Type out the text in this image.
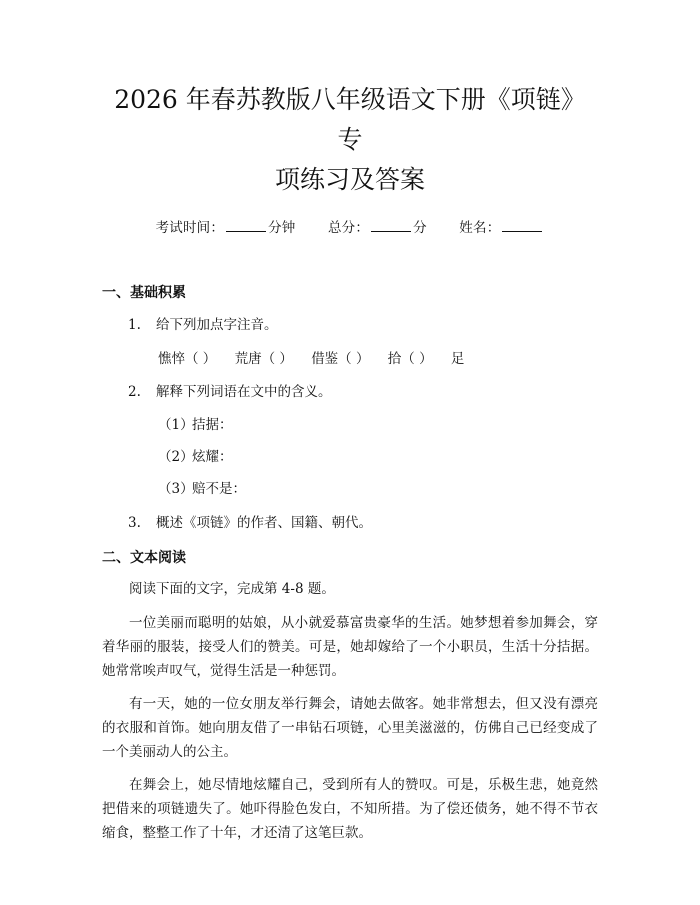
2026 年春苏教版八年级语文下册《项链》专
项练习及答案
考试时间：	分钟 总分：	分 姓名：
一、基础积累

1. 给下列加点字注音。

憔悴（ ） 荒唐（ ） 借鉴（ ） 拾（ ） 足

2. 解释下列词语在文中的含义。

（1）拮据：
（2）炫耀：
（3）赔不是：

3. 概述《项链》的作者、国籍、朝代。

二、文本阅读

阅读下面的文字，完成第 4-8 题。

一位美丽而聪明的姑娘，从小就爱慕富贵豪华的生活。她梦想着参加舞会，穿着华丽的服装，接受人们的赞美。可是，她却嫁给了一个小职员，生活十分拮据。她常常唉声叹气，觉得生活是一种惩罚。

有一天，她的一位女朋友举行舞会，请她去做客。她非常想去，但又没有漂亮的衣服和首饰。她向朋友借了一串钻石项链，心里美滋滋的，仿佛自己已经变成了一个美丽动人的公主。

在舞会上，她尽情地炫耀自己，受到所有人的赞叹。可是，乐极生悲，她竟然把借来的项链遗失了。她吓得脸色发白，不知所措。为了偿还债务，她不得不节衣缩食，整整工作了十年，才还清了这笔巨款。
